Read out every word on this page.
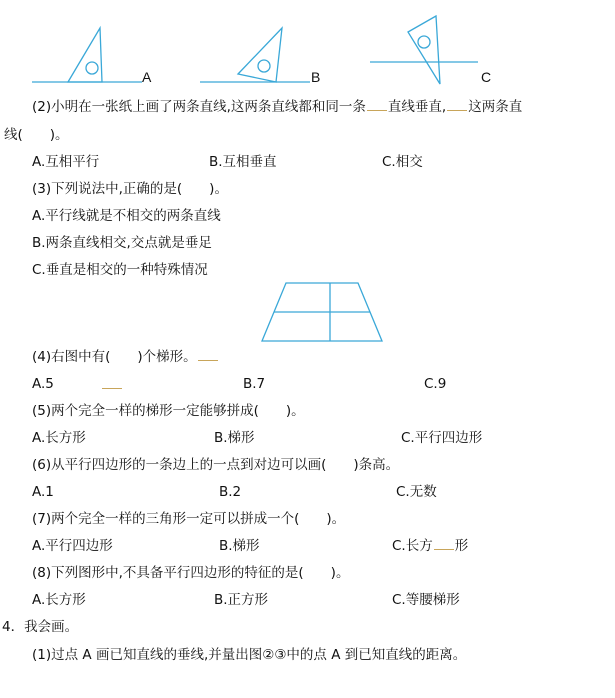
A	B	C
(2)小明在一张纸上画了两条直线,这两条直线都和同一条 直线垂直, 这两条直
线(　　)。
A.互相平行	B.互相垂直	C.相交
(3)下列说法中,正确的是(　　)。
A.平行线就是不相交的两条直线
B.两条直线相交,交点就是垂足
C.垂直是相交的一种特殊情况
(4)右图中有(　　)个梯形。
A.5	B.7	C.9
(5)两个完全一样的梯形一定能够拼成(　　)。
A.长方形	B.梯形	C.平行四边形
(6)从平行四边形的一条边上的一点到对边可以画(　　)条高。
A.1	B.2	C.无数
(7)两个完全一样的三角形一定可以拼成一个(　　)。
A.平行四边形	B.梯形	C.长方 形
(8)下列图形中,不具备平行四边形的特征的是(　　)。
A.长方形	B.正方形	C.等腰梯形
4．我会画。
(1)过点 A 画已知直线的垂线,并量出图②③中的点 A 到已知直线的距离。
